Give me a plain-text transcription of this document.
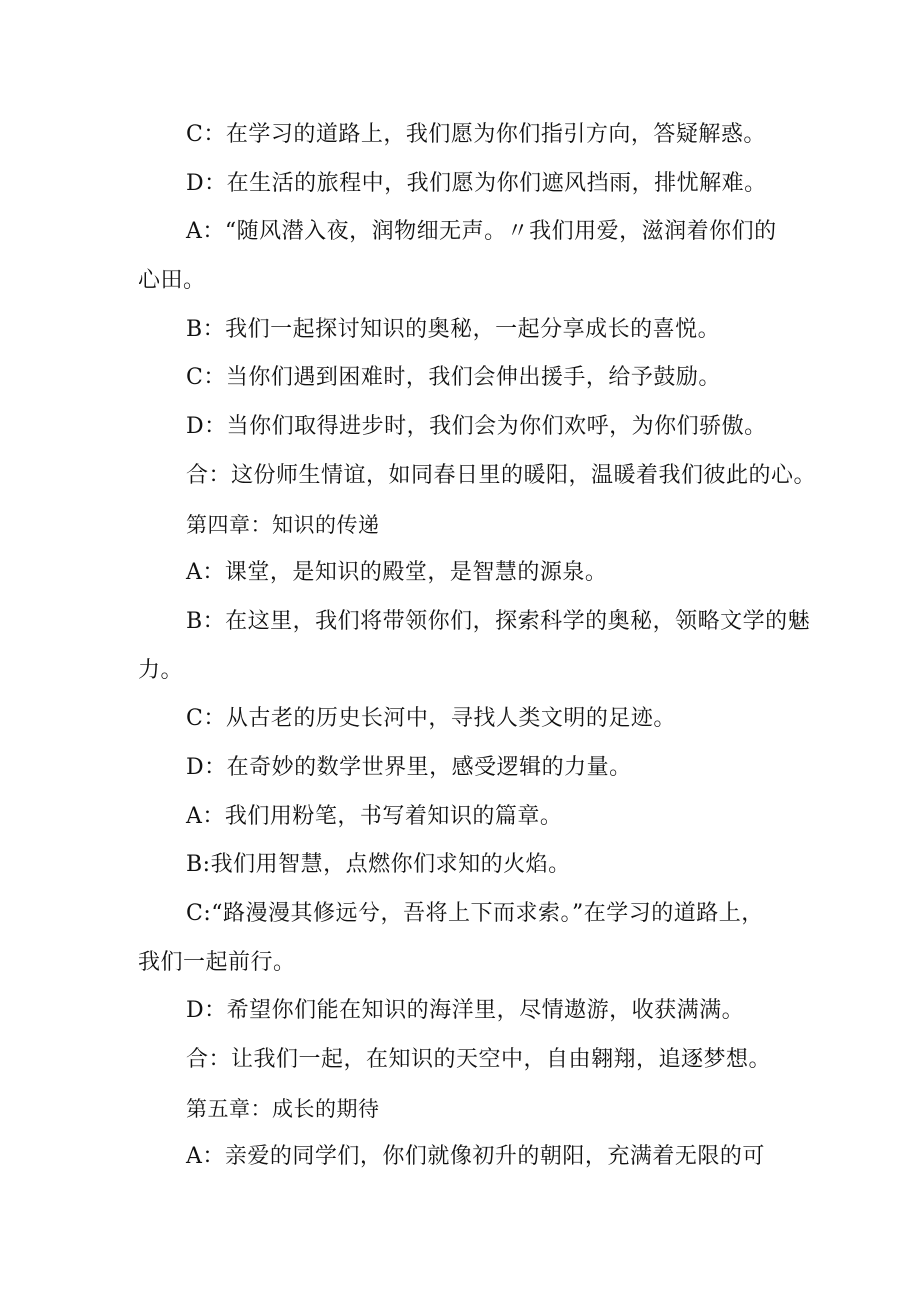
C：在学习的道路上，我们愿为你们指引方向，答疑解惑。
D：在生活的旅程中，我们愿为你们遮风挡雨，排忧解难。
A：“随风潜入夜，润物细无声。〃我们用爱，滋润着你们的
心田。
B：我们一起探讨知识的奥秘，一起分享成长的喜悦。
C：当你们遇到困难时，我们会伸出援手，给予鼓励。
D：当你们取得进步时，我们会为你们欢呼，为你们骄傲。
合：这份师生情谊，如同春日里的暖阳，温暖着我们彼此的心。
第四章：知识的传递
A：课堂，是知识的殿堂，是智慧的源泉。
B：在这里，我们将带领你们，探索科学的奥秘，领略文学的魅
力。
C：从古老的历史长河中，寻找人类文明的足迹。
D：在奇妙的数学世界里，感受逻辑的力量。
A：我们用粉笔，书写着知识的篇章。
B:我们用智慧，点燃你们求知的火焰。
C:“路漫漫其修远兮，吾将上下而求索。”在学习的道路上，
我们一起前行。
D：希望你们能在知识的海洋里，尽情遨游，收获满满。
合：让我们一起，在知识的天空中，自由翱翔，追逐梦想。
第五章：成长的期待
A：亲爱的同学们，你们就像初升的朝阳，充满着无限的可
